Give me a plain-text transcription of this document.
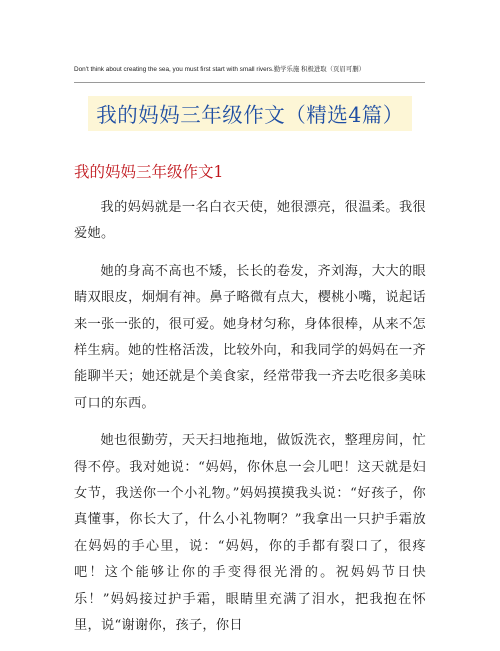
Don't think about creating the sea, you must first start with small rivers.勤学乐施 积极进取（页眉可删）
我的妈妈三年级作文（精选4篇）
我的妈妈三年级作文1

我的妈妈就是一名白衣天使，她很漂亮，很温柔。我很爱她。

她的身高不高也不矮，长长的卷发，齐刘海，大大的眼睛双眼皮，炯炯有神。鼻子略微有点大，樱桃小嘴，说起话来一张一张的，很可爱。她身材匀称，身体很棒，从来不怎样生病。她的性格活泼，比较外向，和我同学的妈妈在一齐能聊半天；她还就是个美食家，经常带我一齐去吃很多美味可口的东西。

她也很勤劳，天天扫地拖地，做饭洗衣，整理房间，忙得不停。我对她说：“妈妈，你休息一会儿吧！这天就是妇女节，我送你一个小礼物。”妈妈摸摸我头说：“好孩子，你真懂事，你长大了，什么小礼物啊？”我拿出一只护手霜放在妈妈的手心里，说：“妈妈，你的手都有裂口了，很疼吧！这个能够让你的手变得很光滑的。祝妈妈节日快乐！”妈妈接过护手霜，眼睛里充满了泪水，把我抱在怀里，说“谢谢你，孩子，你日
